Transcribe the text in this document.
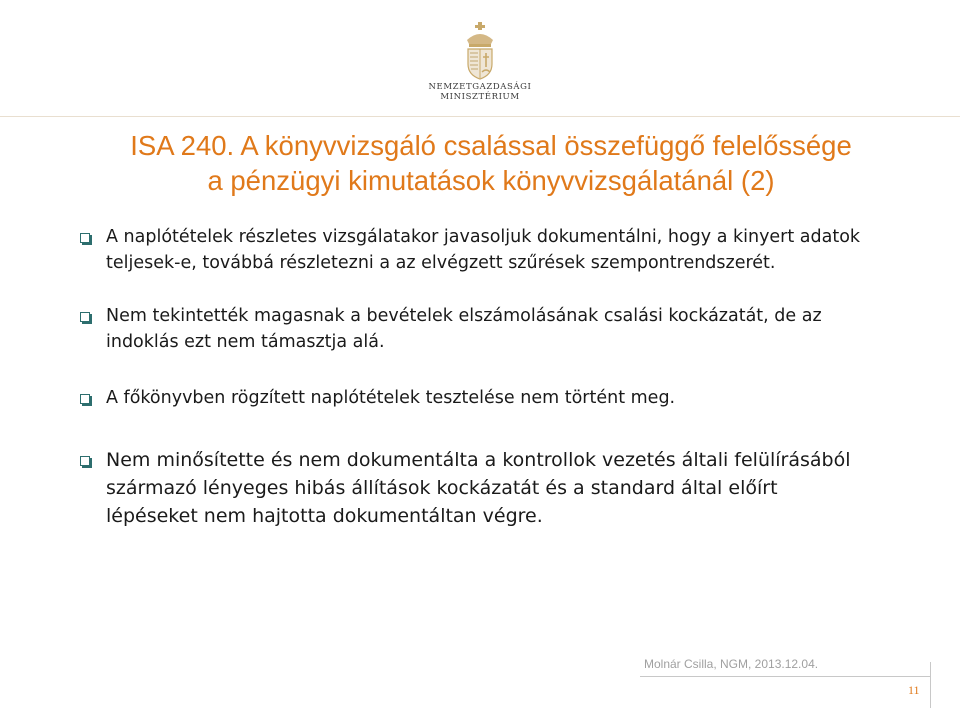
NEMZETGAZDASÁGI
MINISZTÉRIUM
ISA 240. A könyvvizsgáló csalással összefüggő felelőssége
a pénzügyi kimutatások könyvvizsgálatánál (2)
A naplótételek részletes vizsgálatakor javasoljuk dokumentálni, hogy a kinyert adatok teljesek-e, továbbá részletezni a az elvégzett szűrések szempontrendszerét.
Nem tekintették magasnak a bevételek elszámolásának csalási kockázatát, de az indoklás ezt nem támasztja alá.
A főkönyvben rögzített naplótételek tesztelése nem történt meg.
Nem minősítette és nem dokumentálta a kontrollok vezetés általi felülírásából származó lényeges hibás állítások kockázatát és a standard által előírt lépéseket nem hajtotta dokumentáltan végre.
Molnár Csilla, NGM, 2013.12.04.
11
